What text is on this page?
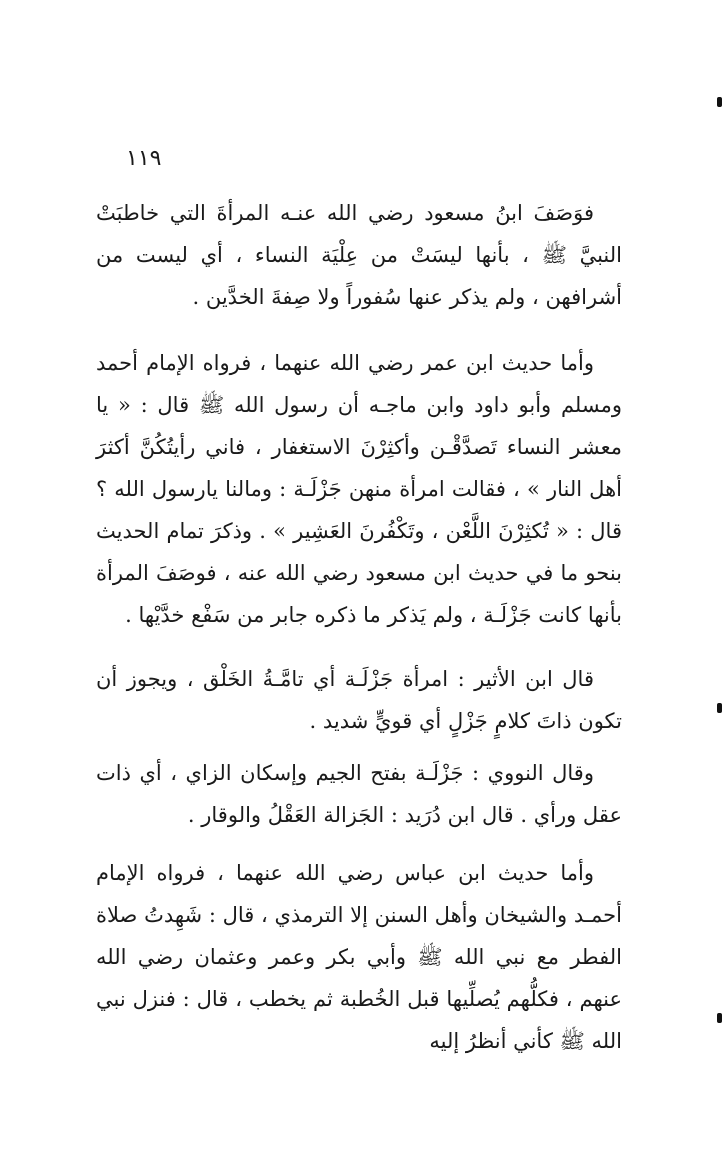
١١٩

فوَصَفَ ابنُ مسعود رضي الله عنـه المرأةَ التي خاطبَتْ النبيَّ ﷺ ، بأنها ليسَتْ من عِلْيَة النساء ، أي ليست من أشرافهن ، ولم يذكر عنها سُفوراً ولا صِفةَ الخدَّين .

وأما حديث ابن عمر رضي الله عنهما ، فرواه الإمام أحمد ومسلم وأبو داود وابن ماجـه أن رسول الله ﷺ قال : « يا معشر النساء تَصدَّقْـن وأكثِرْنَ الاستغفار ، فاني رأيتُكُنَّ أكثرَ أهل النار » ، فقالت امرأة منهن جَزْلَـة : ومالنا يارسول الله ؟ قال : « تُكثِرْنَ اللَّعْن ، وتَكْفُرنَ العَشِير » . وذكرَ تمام الحديث بنحو ما في حديث ابن مسعود رضي الله عنه ، فوصَفَ المرأة بأنها كانت جَزْلَـة ، ولم يَذكر ما ذكره جابر من سَفْع خدَّيْها .

قال ابن الأثير : امرأة جَزْلَـة أي تامَّـةُ الخَلْق ، ويجوز أن تكون ذاتَ كلامٍ جَزْلٍ أي قويٍّ شديد .

وقال النووي : جَزْلَـة بفتح الجيم وإسكان الزاي ، أي ذات عقل ورأي . قال ابن دُرَيد : الجَزالة العَقْلُ والوقار .

وأما حديث ابن عباس رضي الله عنهما ، فرواه الإمام أحمـد والشيخان وأهل السنن إلا الترمذي ، قال : شَهِدتُ صلاة الفطر مع نبي الله ﷺ وأبي بكر وعمر وعثمان رضي الله عنهم ، فكلُّهم يُصلِّيها قبل الخُطبة ثم يخطب ، قال : فنزل نبي الله ﷺ كأني أنظرُ إليه
